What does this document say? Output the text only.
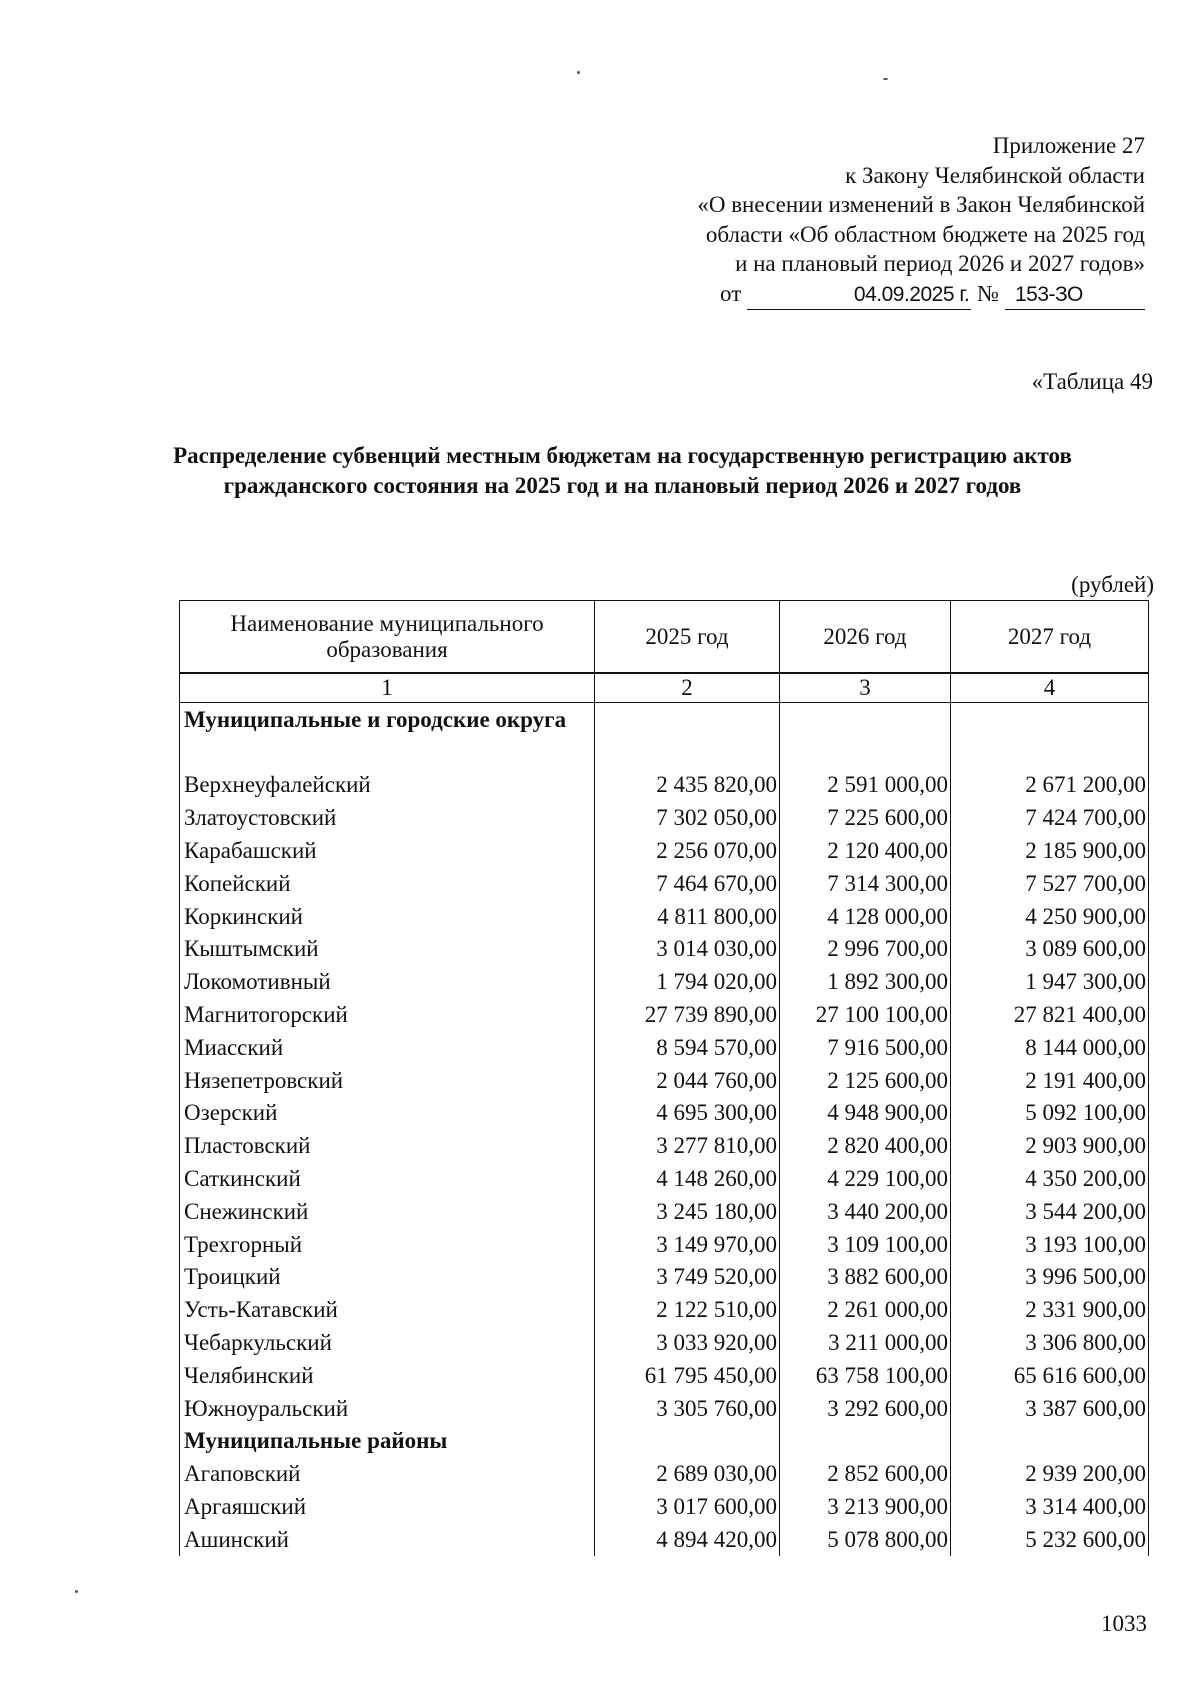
Приложение 27
к Закону Челябинской области
«О внесении изменений в Закон Челябинской
области «Об областном бюджете на 2025 год
и на плановый период 2026 и 2027 годов»
от	04.09.2025 г. № 153-ЗО
«Таблица 49
Распределение субвенций местным бюджетам на государственную регистрацию актов гражданского состояния на 2025 год и на плановый период 2026 и 2027 годов
(рублей)
Наименование муниципального образования	2025 год	2026 год	2027 год
1	2	3	4
Муниципальные и городские округа			
Верхнеуфалейский	2 435 820,00	2 591 000,00	2 671 200,00
Златоустовский	7 302 050,00	7 225 600,00	7 424 700,00
Карабашский	2 256 070,00	2 120 400,00	2 185 900,00
Копейский	7 464 670,00	7 314 300,00	7 527 700,00
Коркинский	4 811 800,00	4 128 000,00	4 250 900,00
Кыштымский	3 014 030,00	2 996 700,00	3 089 600,00
Локомотивный	1 794 020,00	1 892 300,00	1 947 300,00
Магнитогорский	27 739 890,00	27 100 100,00	27 821 400,00
Миасский	8 594 570,00	7 916 500,00	8 144 000,00
Нязепетровский	2 044 760,00	2 125 600,00	2 191 400,00
Озерский	4 695 300,00	4 948 900,00	5 092 100,00
Пластовский	3 277 810,00	2 820 400,00	2 903 900,00
Саткинский	4 148 260,00	4 229 100,00	4 350 200,00
Снежинский	3 245 180,00	3 440 200,00	3 544 200,00
Трехгорный	3 149 970,00	3 109 100,00	3 193 100,00
Троицкий	3 749 520,00	3 882 600,00	3 996 500,00
Усть-Катавский	2 122 510,00	2 261 000,00	2 331 900,00
Чебаркульский	3 033 920,00	3 211 000,00	3 306 800,00
Челябинский	61 795 450,00	63 758 100,00	65 616 600,00
Южноуральский	3 305 760,00	3 292 600,00	3 387 600,00
Муниципальные районы			
Агаповский	2 689 030,00	2 852 600,00	2 939 200,00
Аргаяшский	3 017 600,00	3 213 900,00	3 314 400,00
Ашинский	4 894 420,00	5 078 800,00	5 232 600,00
1033
